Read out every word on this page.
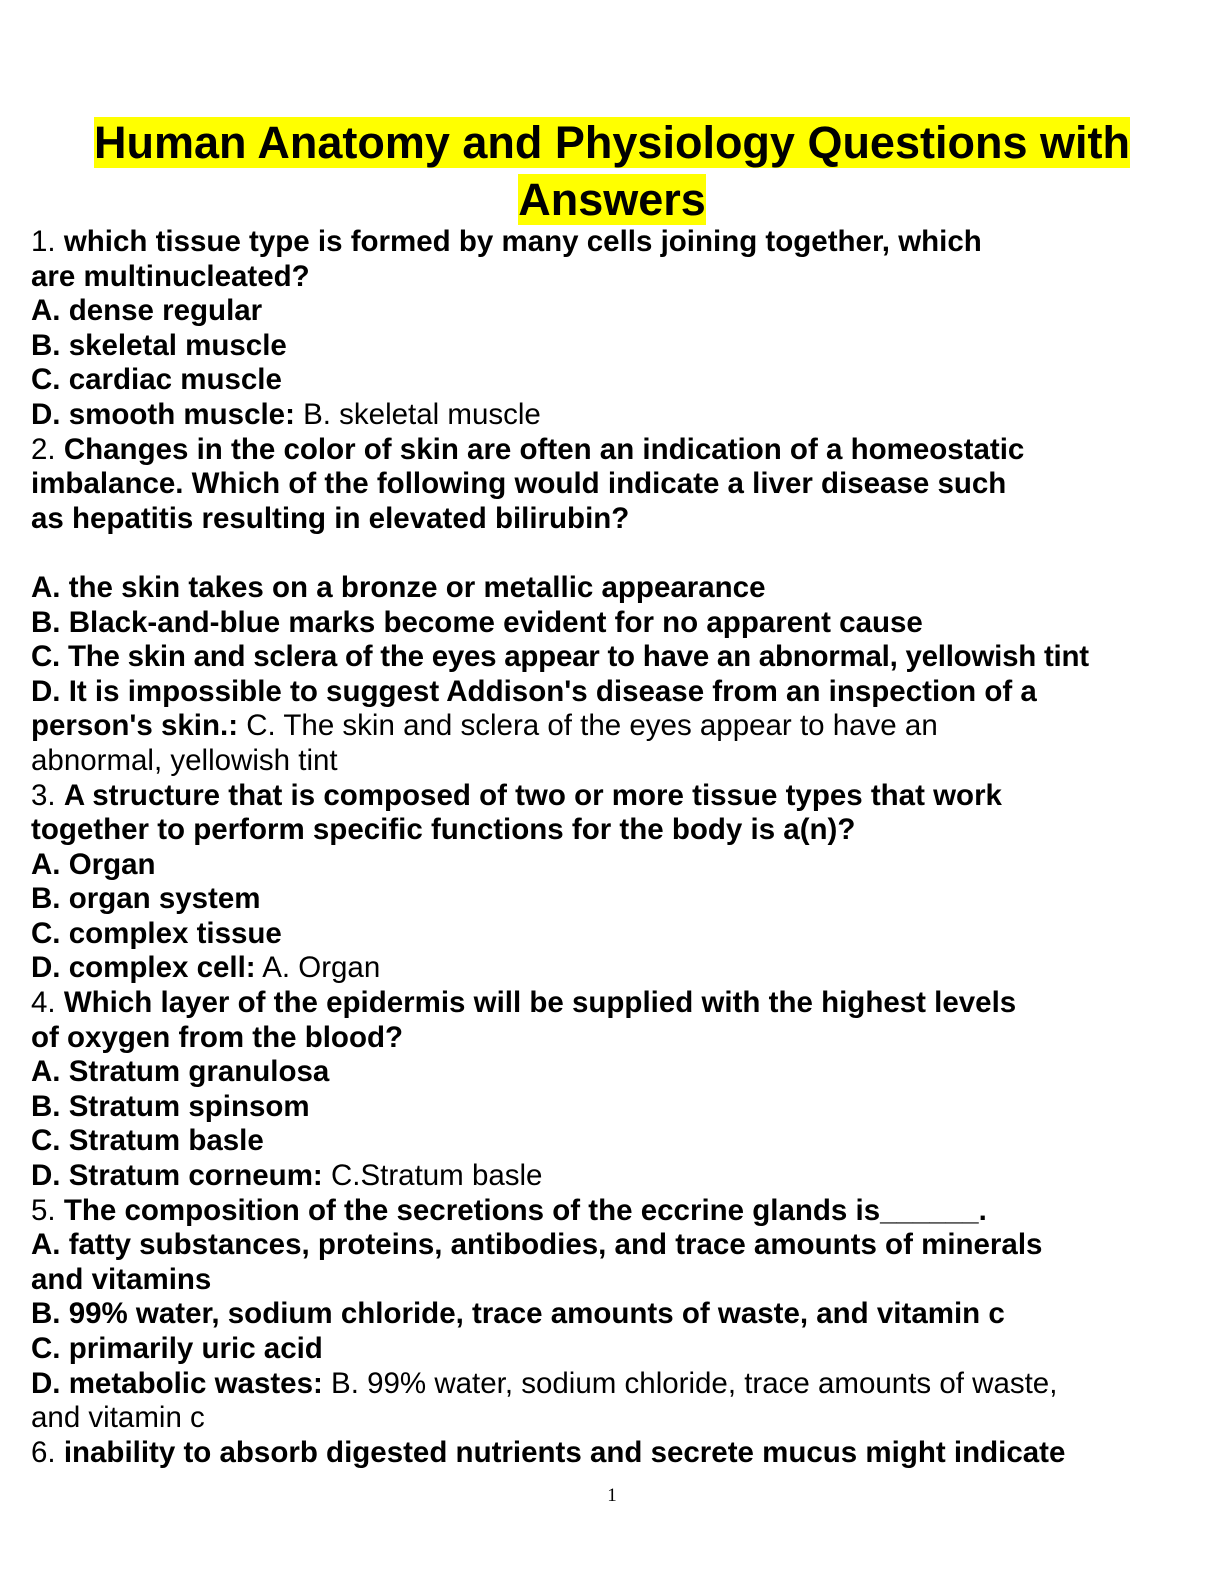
Human Anatomy and Physiology Questions with
Answers
1. which tissue type is formed by many cells joining together, which
are multinucleated?
A. dense regular
B. skeletal muscle
C. cardiac muscle
D. smooth muscle: B. skeletal muscle
2. Changes in the color of skin are often an indication of a homeostatic
imbalance. Which of the following would indicate a liver disease such
as hepatitis resulting in elevated bilirubin?
A. the skin takes on a bronze or metallic appearance
B. Black-and-blue marks become evident for no apparent cause
C. The skin and sclera of the eyes appear to have an abnormal, yellowish tint
D. It is impossible to suggest Addison's disease from an inspection of a
person's skin.: C. The skin and sclera of the eyes appear to have an
abnormal, yellowish tint
3. A structure that is composed of two or more tissue types that work
together to perform specific functions for the body is a(n)?
A. Organ
B. organ system
C. complex tissue
D. complex cell: A. Organ
4. Which layer of the epidermis will be supplied with the highest levels
of oxygen from the blood?
A. Stratum granulosa
B. Stratum spinsom
C. Stratum basle
D. Stratum corneum: C.Stratum basle
5. The composition of the secretions of the eccrine glands is______.
A. fatty substances, proteins, antibodies, and trace amounts of minerals
and vitamins
B. 99% water, sodium chloride, trace amounts of waste, and vitamin c
C. primarily uric acid
D. metabolic wastes: B. 99% water, sodium chloride, trace amounts of waste,
and vitamin c
6. inability to absorb digested nutrients and secrete mucus might indicate
1
